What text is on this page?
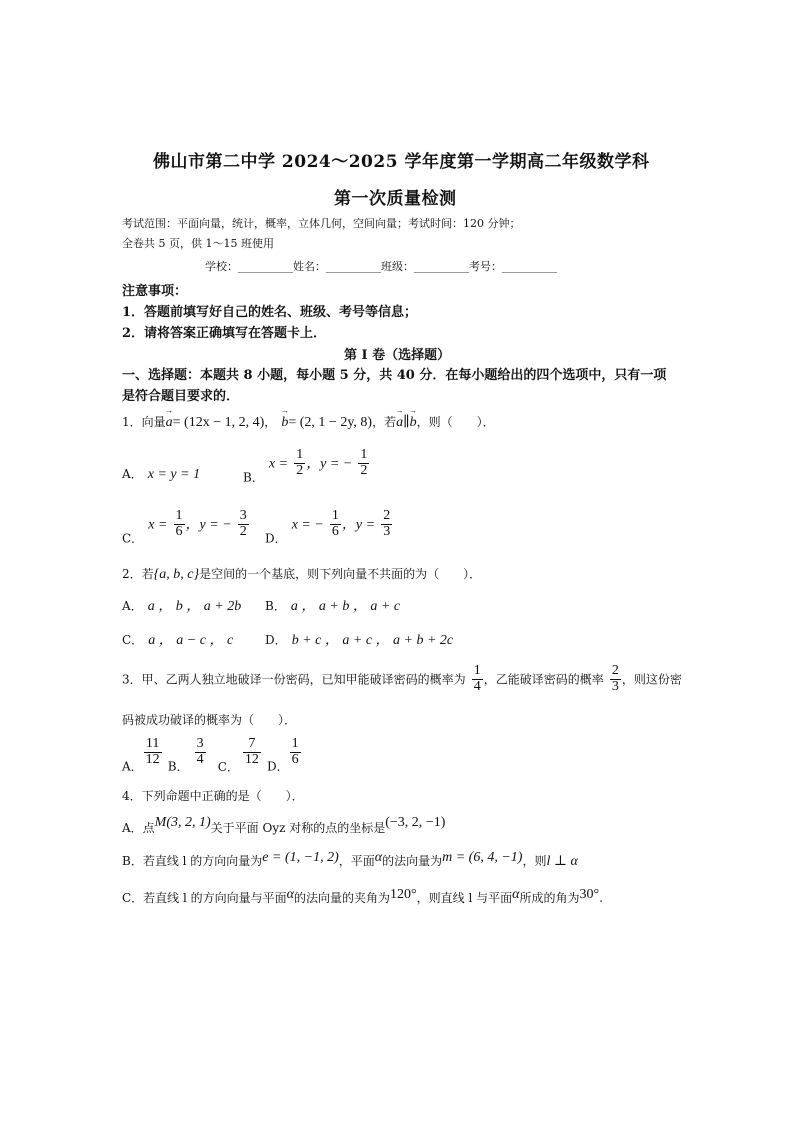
佛山市第二中学 2024～2025 学年度第一学期高二年级数学科
第一次质量检测
考试范围：平面向量，统计，概率，立体几何，空间向量；考试时间：120 分钟；
全卷共 5 页，供 1～15 班使用
学校：__________姓名：__________班级：__________考号：__________
注意事项：
1．答题前填写好自己的姓名、班级、考号等信息；
2．请将答案正确填写在答题卡上．
第 I 卷（选择题）
一、选择题：本题共 8 小题，每小题 5 分，共 40 分．在每小题给出的四个选项中，只有一项
是符合题目要求的．
1．向量→ a= (12x − 1, 2, 4)， → b= (2, 1 − 2y, 8)，若→ a∥→ b，则（　　）．
A． x = y = 1	$_{B.}$ $x = \frac{1}{2}$ ，y = − $\frac{1}{2}$
$_{C.}$ $x = \frac{1}{6}$ ，y = − $\frac{3}{2} _{D.}$ x = − $\frac{1}{6}$ ，$y = \frac{2}{3}$
2．若{a, b, c}是空间的一个基底，则下列向量不共面的为（　　）．
A． a ， b ， a + 2b B． a ， a + b ， a + c
C． a ， a − c ， c	D． b + c ， a + c ， a + b + 2c
3．甲、乙两人独立地破译一份密码，已知甲能破译密码的概率为 $\frac{1}{4}$ ，乙能破译密码的概率 $\frac{2}{3}$ ，则这份密
码被成功破译的概率为（　　）．
$_{A.} \frac{11}{12} _{B.} \frac{3}{4} _{C.} \frac{7}{12} _{D.} \frac{1}{6}$
4．下列命题中正确的是（　　）．
A．点M(3, 2, 1)关于平面 Oyz 对称的点的坐标是(−3, 2, −1)
B．若直线 l 的方向向量为e = (1, −1, 2)，平面α的法向量为m = (6, 4, −1)，则l ⊥ α
C．若直线 l 的方向向量与平面α的法向量的夹角为120°，则直线 l 与平面α所成的角为30°.
